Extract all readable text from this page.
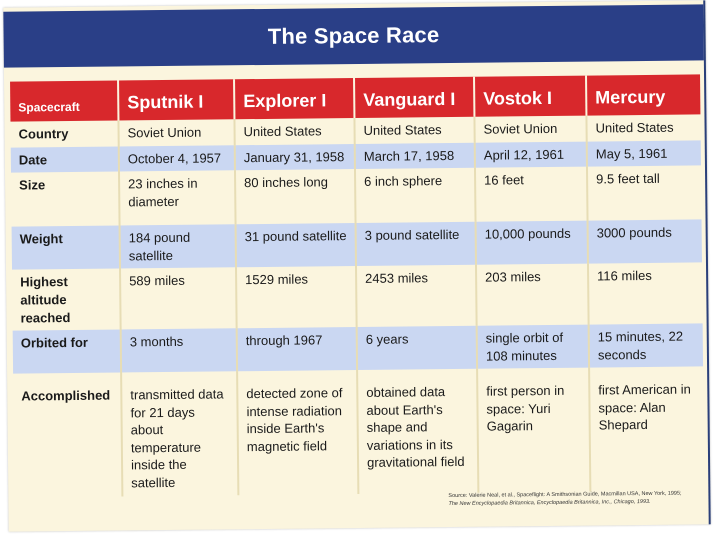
The Space Race
Spacecraft	Sputnik I	Explorer I	Vanguard I	Vostok I	Mercury
Country	Soviet Union	United States	United States	Soviet Union	United States
Date	October 4, 1957	January 31, 1958	March 17, 1958	April 12, 1961	May 5, 1961
Size	23 inches in diameter	80 inches long	6 inch sphere	16 feet	9.5 feet tall
Weight	184 pound satellite	31 pound satellite	3 pound satellite	10,000 pounds	3000 pounds
Highest altitude reached	589 miles	1529 miles	2453 miles	203 miles	116 miles
Orbited for	3 months	through 1967	6 years	single orbit of 108 minutes	15 minutes, 22 seconds
Accomplished	transmitted data for 21 days about temperature inside the satellite	detected zone of intense radiation inside Earth's magnetic field	obtained data about Earth's shape and variations in its gravitational field	first person in space: Yuri Gagarin	first American in space: Alan Shepard
Source: Valerie Neal, et al., Spaceflight: A Smithsonian Guide, Macmillan USA, New York, 1995;
The New Encyclopaedia Britannica, Encyclopaedia Britannica, Inc., Chicago, 1993.
